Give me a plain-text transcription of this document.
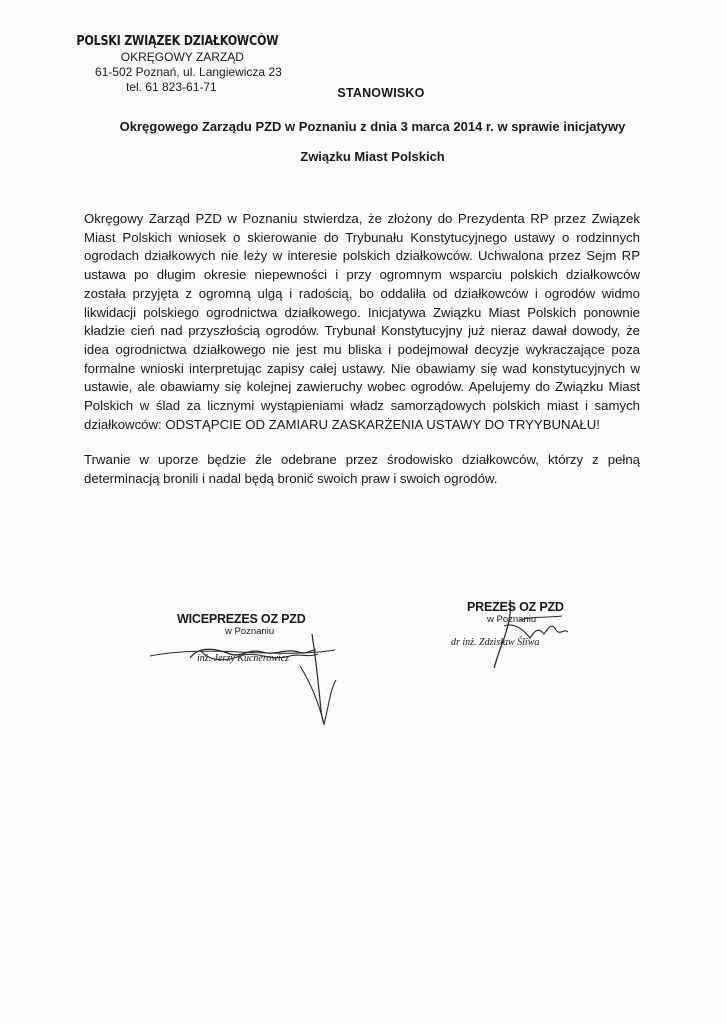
POLSKI ZWIĄZEK DZIAŁKOWCÓW
OKRĘGOWY ZARZĄD
61-502 Poznań, ul. Langiewicza 23
tel. 61 823-61-71	STANOWISKO
Okręgowego Zarządu PZD w Poznaniu z dnia 3 marca 2014 r. w sprawie inicjatywy
Związku Miast Polskich

Okręgowy Zarząd PZD w Poznaniu stwierdza, że złożony do Prezydenta RP przez Związek Miast Polskich wniosek o skierowanie do Trybunału Konstytucyjnego ustawy o rodzinnych ogrodach działkowych nie leży w interesie polskich działkowców. Uchwalona przez Sejm RP ustawa po długim okresie niepewności i przy ogromnym wsparciu polskich działkowców została przyjęta z ogromną ulgą i radością, bo oddaliła od działkowców i ogrodów widmo likwidacji polskiego ogrodnictwa działkowego. Inicjatywa Związku Miast Polskich ponownie kładzie cień nad przyszłością ogrodów. Trybunał Konstytucyjny już nieraz dawał dowody, że idea ogrodnictwa działkowego nie jest mu bliska i podejmował decyzje wykraczające poza formalne wnioski interpretując zapisy całej ustawy. Nie obawiamy się wad konstytucyjnych w ustawie, ale obawiamy się kolejnej zawieruchy wobec ogrodów. Apelujemy do Związku Miast Polskich w ślad za licznymi wystąpieniami władz samorządowych polskich miast i samych działkowców: ODSTĄPCIE OD ZAMIARU ZASKARŻENIA USTAWY DO TRYYBUNAŁU!

Trwanie w uporze będzie źle odebrane przez środowisko działkowców, którzy z pełną determinacją bronili i nadal będą bronić swoich praw i swoich ogrodów.

WICEPREZES OZ PZD
w Poznaniu
inż. Jerzy Kucnerowicz
PREZES OZ PZD
w Poznaniu
dr inż. Zdzisław Śliwa
